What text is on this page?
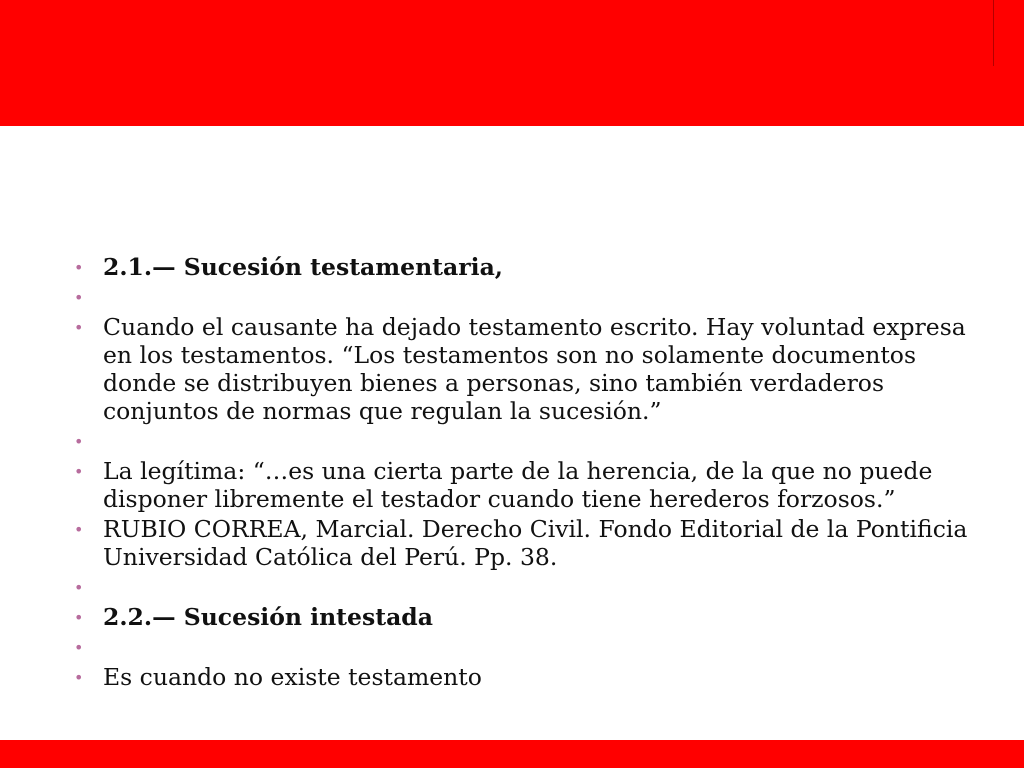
• 2.1.— Sucesión testamentaria,
•
• Cuando el causante ha dejado testamento escrito. Hay voluntad expresa en los testamentos. “Los testamentos son no solamente documentos donde se distribuyen bienes a personas, sino también verdaderos conjuntos de normas que regulan la sucesión.”
•
• La legítima: “…es una cierta parte de la herencia, de la que no puede disponer libremente el testador cuando tiene herederos forzosos.”
• RUBIO CORREA, Marcial. Derecho Civil. Fondo Editorial de la Pontificia Universidad Católica del Perú. Pp. 38.
•
• 2.2.— Sucesión intestada
•
• Es cuando no existe testamento
